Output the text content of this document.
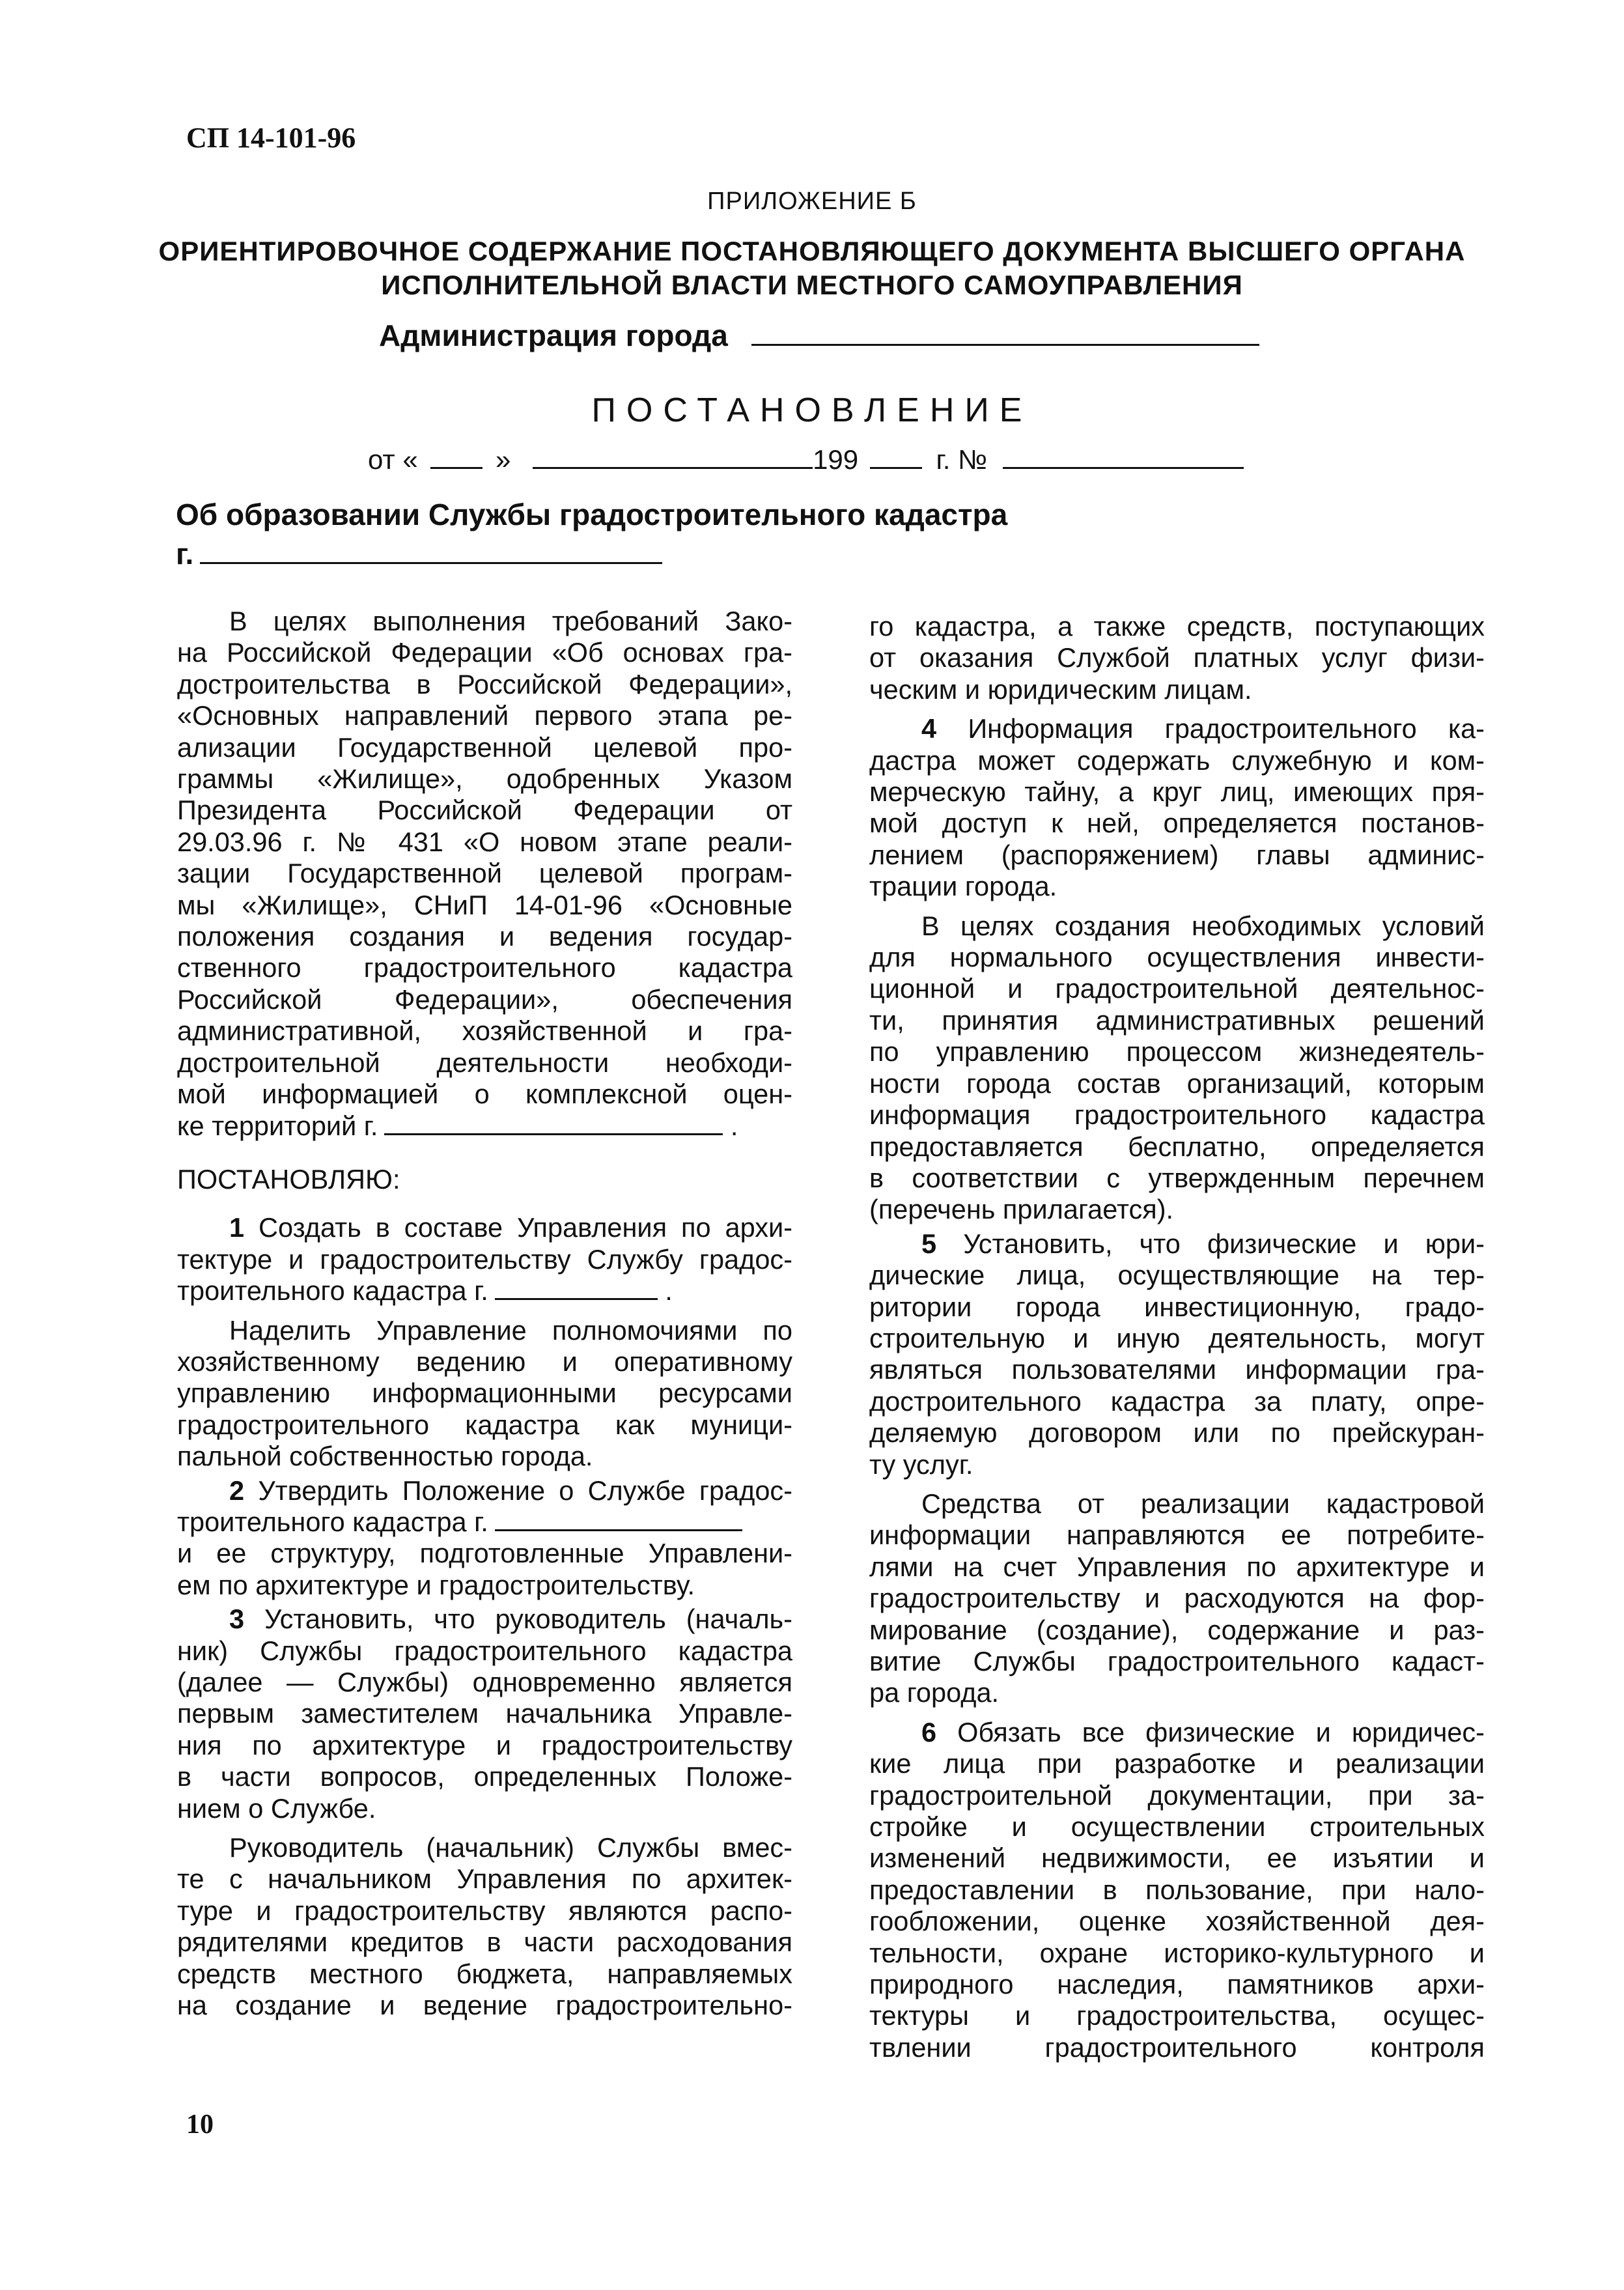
СП 14-101-96
ПРИЛОЖЕНИЕ Б
ОРИЕНТИРОВОЧНОЕ СОДЕРЖАНИЕ ПОСТАНОВЛЯЮЩЕГО ДОКУМЕНТА ВЫСШЕГО ОРГАНА
ИСПОЛНИТЕЛЬНОЙ ВЛАСТИ МЕСТНОГО САМОУПРАВЛЕНИЯ
Администрация города
ПОСТАНОВЛЕНИЕ
от «	»	199	г. №
Об образовании Службы градостроительного кадастра
г.
В целях выполнения требований Зако-
на Российской Федерации «Об основах гра-
достроительства в Российской Федерации»,
«Основных направлений первого этапа ре-
ализации Государственной целевой про-
граммы «Жилище», одобренных Указом
Президента Российской Федерации от
29.03.96 г. № 431 «О новом этапе реали-
зации Государственной целевой програм-
мы «Жилище», СНиП 14-01-96 «Основные
положения создания и ведения государ-
ственного градостроительного кадастра
Российской Федерации», обеспечения
административной, хозяйственной и гра-
достроительной деятельности необходи-
мой информацией о комплексной оцен-
ке территорий г.	.

ПОСТАНОВЛЯЮ:

1 Создать в составе Управления по архи-
тектуре и градостроительству Службу градос-
троительного кадастра г.	.
Наделить Управление полномочиями по
хозяйственному ведению и оперативному
управлению информационными ресурсами
градостроительного кадастра как муници-
пальной собственностью города.
2 Утвердить Положение о Службе градос-
троительного кадастра г.
и ее структуру, подготовленные Управлени-
ем по архитектуре и градостроительству.
3 Установить, что руководитель (началь-
ник) Службы градостроительного кадастра
(далее — Службы) одновременно является
первым заместителем начальника Управле-
ния по архитектуре и градостроительству
в части вопросов, определенных Положе-
нием о Службе.
Руководитель (начальник) Службы вмес-
те с начальником Управления по архитек-
туре и градостроительству являются распо-
рядителями кредитов в части расходования
средств местного бюджета, направляемых
на создание и ведение градостроительно-
го кадастра, а также средств, поступающих
от оказания Службой платных услуг физи-
ческим и юридическим лицам.
4 Информация градостроительного ка-
дастра может содержать служебную и ком-
мерческую тайну, а круг лиц, имеющих пря-
мой доступ к ней, определяется постанов-
лением (распоряжением) главы админис-
трации города.
В целях создания необходимых условий
для нормального осуществления инвести-
ционной и градостроительной деятельнос-
ти, принятия административных решений
по управлению процессом жизнедеятель-
ности города состав организаций, которым
информация градостроительного кадастра
предоставляется бесплатно, определяется
в соответствии с утвержденным перечнем
(перечень прилагается).
5 Установить, что физические и юри-
дические лица, осуществляющие на тер-
ритории города инвестиционную, градо-
строительную и иную деятельность, могут
являться пользователями информации гра-
достроительного кадастра за плату, опре-
деляемую договором или по прейскуран-
ту услуг.
Средства от реализации кадастровой
информации направляются ее потребите-
лями на счет Управления по архитектуре и
градостроительству и расходуются на фор-
мирование (создание), содержание и раз-
витие Службы градостроительного кадаст-
ра города.
6 Обязать все физические и юридичес-
кие лица при разработке и реализации
градостроительной документации, при за-
стройке и осуществлении строительных
изменений недвижимости, ее изъятии и
предоставлении в пользование, при нало-
гообложении, оценке хозяйственной дея-
тельности, охране историко-культурного и
природного наследия, памятников архи-
тектуры и градостроительства, осущес-
твлении градостроительного контроля
10
